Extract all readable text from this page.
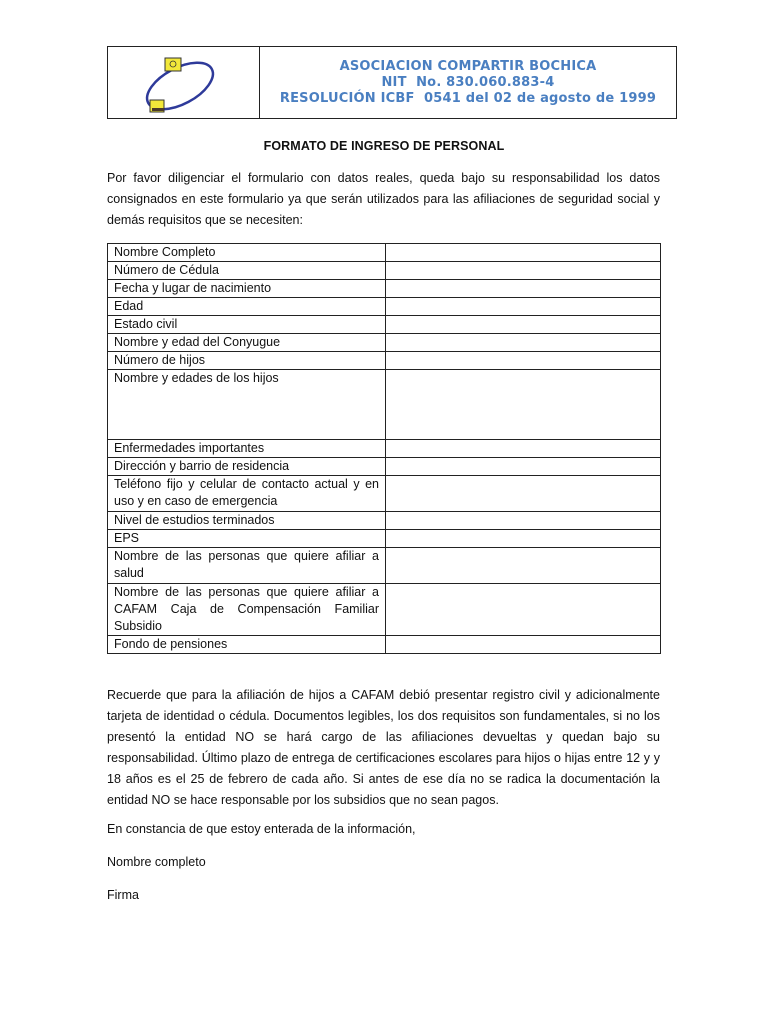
ASOCIACION COMPARTIR BOCHICA
NIT  No. 830.060.883-4
RESOLUCIÓN ICBF  0541 del 02 de agosto de 1999
FORMATO DE INGRESO DE PERSONAL
Por favor diligenciar el formulario con datos reales, queda bajo su responsabilidad los datos consignados en este formulario ya que serán utilizados para las afiliaciones de seguridad social y demás requisitos que se necesiten:
Nombre Completo	
Número de Cédula	
Fecha y lugar de nacimiento	
Edad	
Estado civil	
Nombre y edad del Conyugue	
Número de hijos	
Nombre y edades de los hijos	
Enfermedades importantes	
Dirección y barrio de residencia	
Teléfono fijo y celular de contacto actual y en uso y en caso de emergencia	
Nivel de estudios terminados	
EPS	
Nombre de las personas que quiere afiliar a salud	
Nombre de las personas que quiere afiliar a CAFAM Caja de Compensación Familiar Subsidio	
Fondo de pensiones	
Recuerde que para la afiliación de hijos a CAFAM debió presentar registro civil y adicionalmente tarjeta de identidad o cédula. Documentos legibles, los dos requisitos son fundamentales, si no los presentó la entidad NO se hará cargo de las afiliaciones devueltas y quedan bajo su responsabilidad. Último plazo de entrega de certificaciones escolares para hijos o hijas entre 12 y y 18 años es el 25 de febrero de cada año. Si antes de ese día no se radica la documentación la entidad NO se hace responsable por los subsidios que no sean pagos.
En constancia de que estoy enterada de la información,
Nombre completo
Firma
